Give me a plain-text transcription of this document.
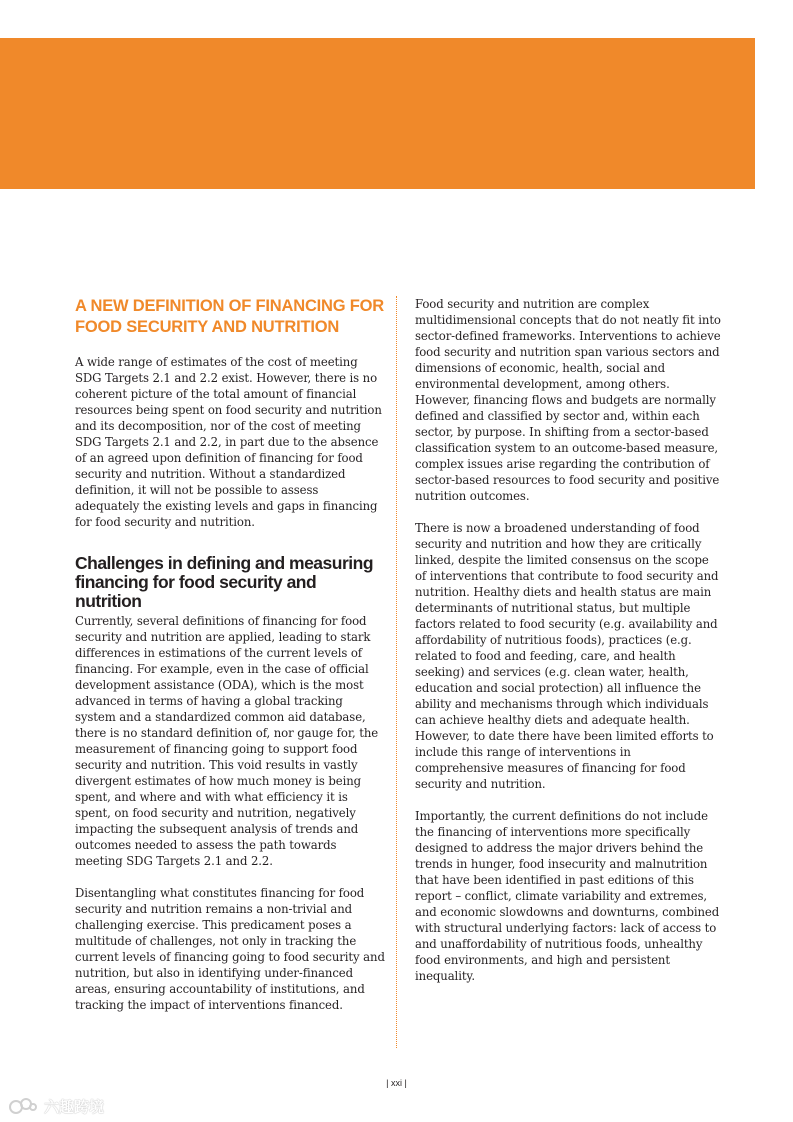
A NEW DEFINITION OF FINANCING FOR FOOD SECURITY AND NUTRITION

A wide range of estimates of the cost of meeting SDG Targets 2.1 and 2.2 exist. However, there is no coherent picture of the total amount of financial resources being spent on food security and nutrition and its decomposition, nor of the cost of meeting SDG Targets 2.1 and 2.2, in part due to the absence of an agreed upon definition of financing for food security and nutrition. Without a standardized definition, it will not be possible to assess adequately the existing levels and gaps in financing for food security and nutrition.

Challenges in defining and measuring financing for food security and nutrition

Currently, several definitions of financing for food security and nutrition are applied, leading to stark differences in estimations of the current levels of financing. For example, even in the case of official development assistance (ODA), which is the most advanced in terms of having a global tracking system and a standardized common aid database, there is no standard definition of, nor gauge for, the measurement of financing going to support food security and nutrition. This void results in vastly divergent estimates of how much money is being spent, and where and with what efficiency it is spent, on food security and nutrition, negatively impacting the subsequent analysis of trends and outcomes needed to assess the path towards meeting SDG Targets 2.1 and 2.2.

Disentangling what constitutes financing for food security and nutrition remains a non-trivial and challenging exercise. This predicament poses a multitude of challenges, not only in tracking the current levels of financing going to food security and nutrition, but also in identifying under-financed areas, ensuring accountability of institutions, and tracking the impact of interventions financed.

Food security and nutrition are complex multidimensional concepts that do not neatly fit into sector-defined frameworks. Interventions to achieve food security and nutrition span various sectors and dimensions of economic, health, social and environmental development, among others. However, financing flows and budgets are normally defined and classified by sector and, within each sector, by purpose. In shifting from a sector-based classification system to an outcome-based measure, complex issues arise regarding the contribution of sector-based resources to food security and positive nutrition outcomes.

There is now a broadened understanding of food security and nutrition and how they are critically linked, despite the limited consensus on the scope of interventions that contribute to food security and nutrition. Healthy diets and health status are main determinants of nutritional status, but multiple factors related to food security (e.g. availability and affordability of nutritious foods), practices (e.g. related to food and feeding, care, and health seeking) and services (e.g. clean water, health, education and social protection) all influence the ability and mechanisms through which individuals can achieve healthy diets and adequate health. However, to date there have been limited efforts to include this range of interventions in comprehensive measures of financing for food security and nutrition.

Importantly, the current definitions do not include the financing of interventions more specifically designed to address the major drivers behind the trends in hunger, food insecurity and malnutrition that have been identified in past editions of this report – conflict, climate variability and extremes, and economic slowdowns and downturns, combined with structural underlying factors: lack of access to and unaffordability of nutritious foods, unhealthy food environments, and high and persistent inequality.

| xxi |
六趣跨境
